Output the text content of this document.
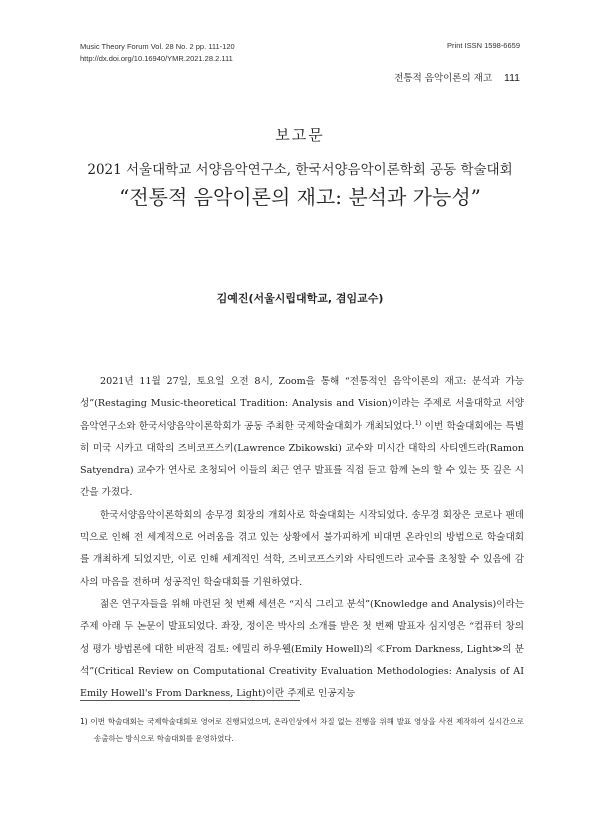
Music Theory Forum Vol. 28 No. 2 pp. 111-120
http://dx.doi.org/10.16940/YMR.2021.28.2.111
Print ISSN 1598-6659
전통적 음악이론의 재고 111
보고문
2021 서울대학교 서양음악연구소, 한국서양음악이론학회 공동 학술대회
“전통적 음악이론의 재고: 분석과 가능성”
김예진(서울시립대학교, 겸임교수)

2021년 11월 27일, 토요일 오전 8시, Zoom을 통해 “전통적인 음악이론의 재고: 분석과 가능성”(Restaging Music-theoretical Tradition: Analysis and Vision)이라는 주제로 서울대학교 서양음악연구소와 한국서양음악이론학회가 공동 주최한 국제학술대회가 개최되었다.$^{1)}$ 이번 학술대회에는 특별히 미국 시카고 대학의 즈비코프스키(Lawrence Zbikowski) 교수와 미시간 대학의 사티엔드라(Ramon Satyendra) 교수가 연사로 초청되어 이들의 최근 연구 발표를 직접 듣고 함께 논의 할 수 있는 뜻 깊은 시간을 가졌다.

한국서양음악이론학회의 송무경 회장의 개회사로 학술대회는 시작되었다. 송무경 회장은 코로나 팬데믹으로 인해 전 세계적으로 어려움을 겪고 있는 상황에서 불가피하게 비대면 온라인의 방법으로 학술대회를 개최하게 되었지만, 이로 인해 세계적인 석학, 즈비코프스키와 사티엔드라 교수를 초청할 수 있음에 감사의 마음을 전하며 성공적인 학술대회를 기원하였다.

젊은 연구자들을 위해 마련된 첫 번째 세션은 “지식 그리고 분석”(Knowledge and Analysis)이라는 주제 아래 두 논문이 발표되었다. 좌장, 정이은 박사의 소개를 받은 첫 번째 발표자 심지영은 “컴퓨터 창의성 평가 방법론에 대한 비판적 검토: 에밀리 하우웰(Emily Howell)의 ≪From Darkness, Light≫의 분석”(Critical Review on Computational Creativity Evaluation Methodologies: Analysis of AI Emily Howell's From Darkness, Light)이란 주제로 인공지능

1) 이번 학술대회는 국제학술대회로 영어로 진행되었으며, 온라인상에서 차질 없는 진행을 위해 발표 영상을 사전 제작하여 실시간으로 송출하는 방식으로 학술대회를 운영하였다.
